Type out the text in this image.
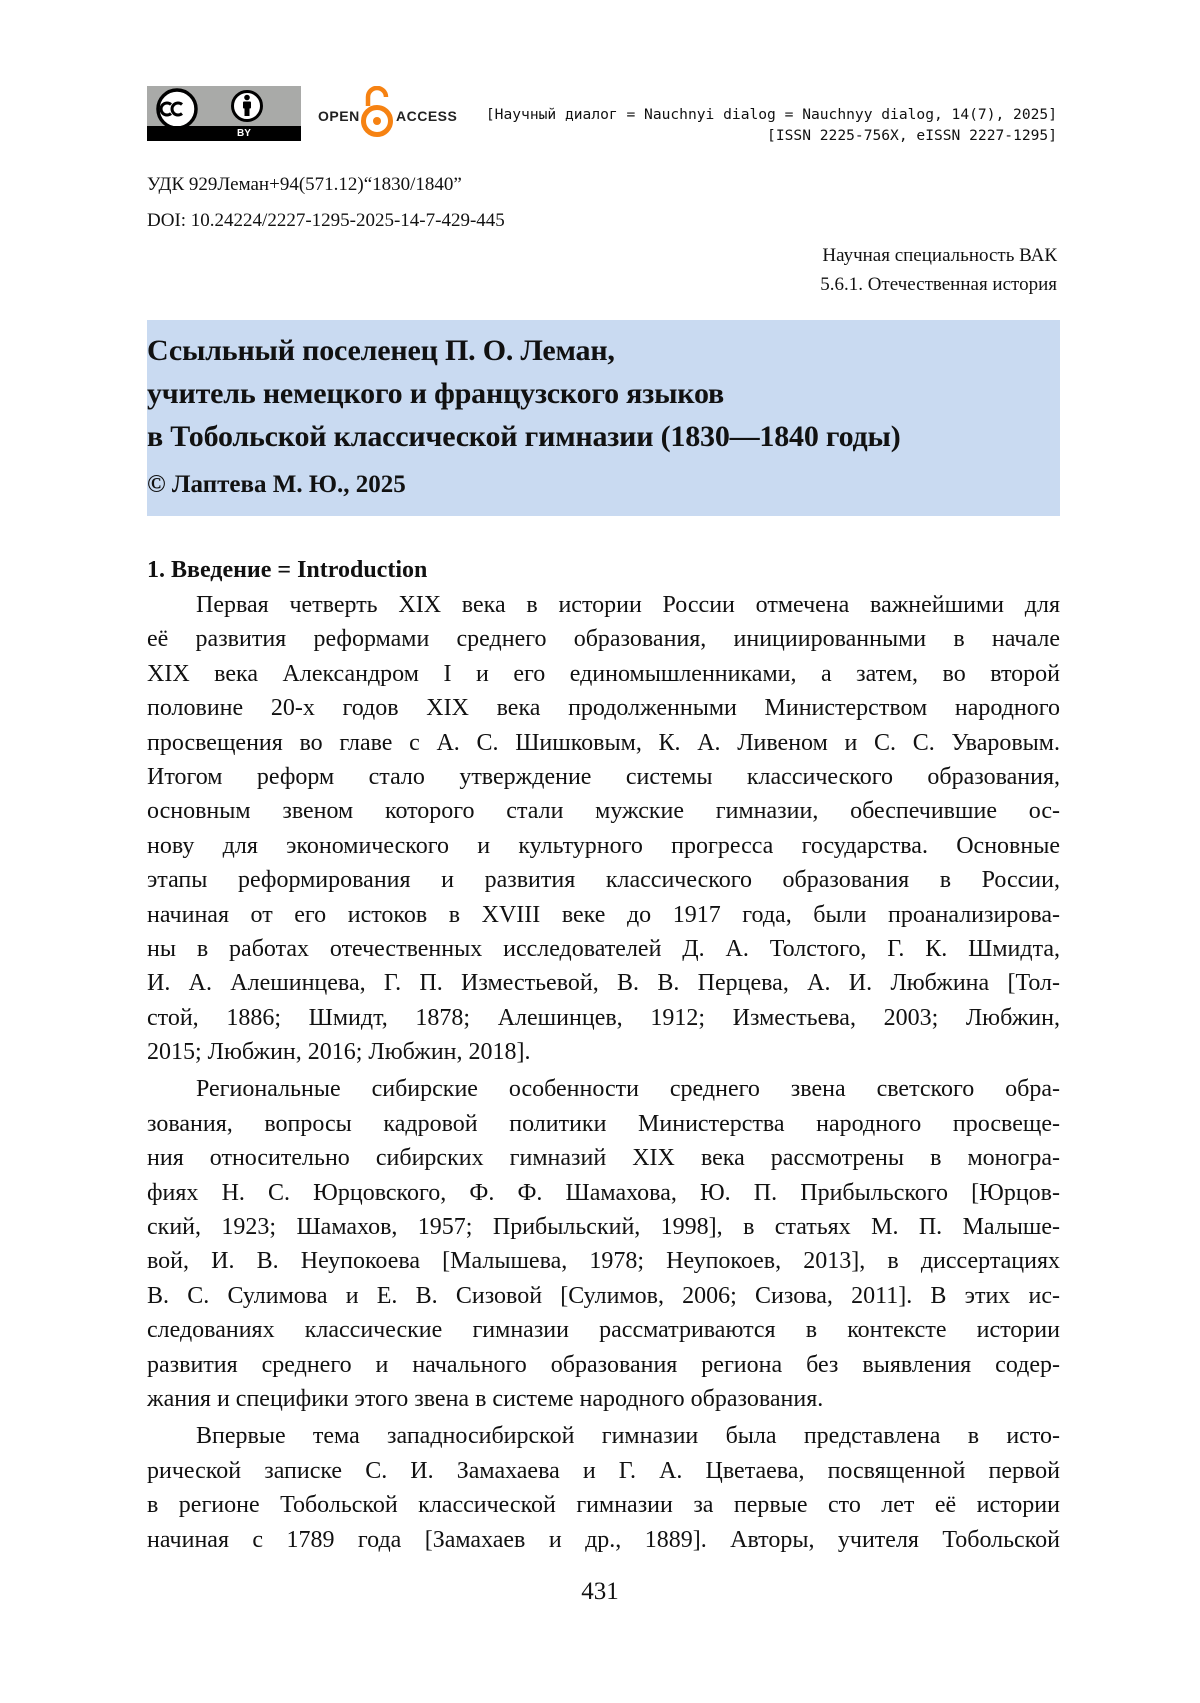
BY
OPEN	ACCESS [Научный диалог = Nauchnyi dialog = Nauchnyy dialog, 14(7), 2025]
[ISSN 2225-756X, eISSN 2227-1295]
УДК 929Леман+94(571.12)“1830/1840”
DOI: 10.24224/2227-1295-2025-14-7-429-445
Научная специальность ВАК
5.6.1. Отечественная история
Ссыльный поселенец П. О. Леман,
учитель немецкого и французского языков
в Тобольской классической гимназии (1830—1840 годы)
© Лаптева М. Ю., 2025
1. Введение = Introduction

Первая четверть XIX века в истории России отмечена важнейшими для
её развития реформами среднего образования, инициированными в начале
XIX века Александром I и его единомышленниками, а затем, во второй
половине 20-х годов XIX века продолженными Министерством народного
просвещения во главе с А. С. Шишковым, К. А. Ливеном и С. С. Уваровым.
Итогом реформ стало утверждение системы классического образования,
основным звеном которого стали мужские гимназии, обеспечившие ос-
нову для экономического и культурного прогресса государства. Основные
этапы реформирования и развития классического образования в России,
начиная от его истоков в XVIII веке до 1917 года, были проанализирова-
ны в работах отечественных исследователей Д. А. Толстого, Г. К. Шмидта,
И. А. Алешинцева, Г. П. Изместьевой, В. В. Перцева, А. И. Любжина [Тол-
стой, 1886; Шмидт, 1878; Алешинцев, 1912; Изместьева, 2003; Любжин,
2015; Любжин, 2016; Любжин, 2018].

Региональные сибирские особенности среднего звена светского обра-
зования, вопросы кадровой политики Министерства народного просвеще-
ния относительно сибирских гимназий XIX века рассмотрены в моногра-
фиях Н. С. Юрцовского, Ф. Ф. Шамахова, Ю. П. Прибыльского [Юрцов-
ский, 1923; Шамахов, 1957; Прибыльский, 1998], в статьях М. П. Малыше-
вой, И. В. Неупокоева [Малышева, 1978; Неупокоев, 2013], в диссертациях
В. С. Сулимова и Е. В. Сизовой [Сулимов, 2006; Сизова, 2011]. В этих ис-
следованиях классические гимназии рассматриваются в контексте истории
развития среднего и начального образования региона без выявления содер-
жания и специфики этого звена в системе народного образования.

Впервые тема западносибирской гимназии была представлена в исто-
рической записке С. И. Замахаева и Г. А. Цветаева, посвященной первой
в регионе Тобольской классической гимназии за первые сто лет её истории
начиная с 1789 года [Замахаев и др., 1889]. Авторы, учителя Тобольской

431
